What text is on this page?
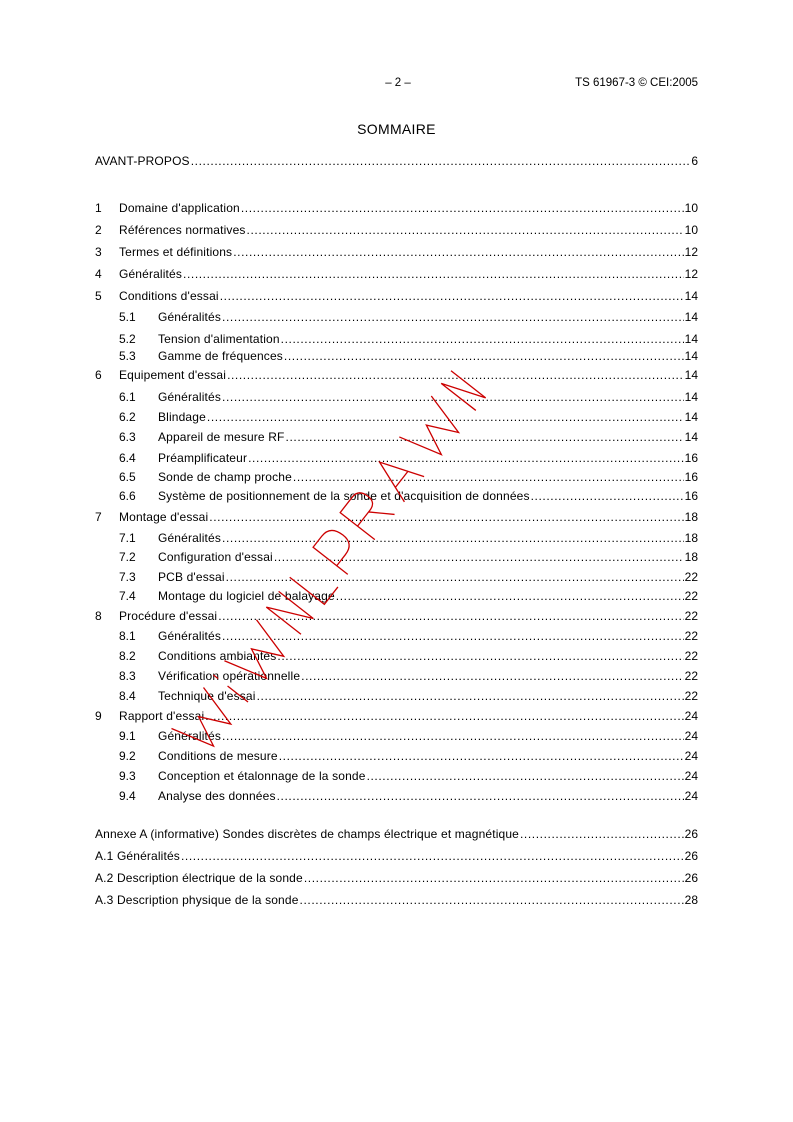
– 2 –	TS 61967-3 © CEI:2005
SOMMAIRE
AVANT-PROPOS .....	6
1	Domaine d'application .....	10
2	Références normatives .....	10
3	Termes et définitions .....	12
4	Généralités .....	12
5	Conditions d'essai .....	14
5.1	Généralités .....	14
5.2	Tension d'alimentation .....	14
5.3	Gamme de fréquences .....	14
6	Equipement d'essai .....	14
6.1	Généralités .....	14
6.2	Blindage .....	14
6.3	Appareil de mesure RF .....	14
6.4	Préamplificateur .....	16
6.5	Sonde de champ proche .....	16
6.6	Système de positionnement de la sonde et d'acquisition de données .....	16
7	Montage d'essai .....	18
7.1	Généralités .....	18
7.2	Configuration d'essai .....	18
7.3	PCB d'essai .....	22
7.4	Montage du logiciel de balayage .....	22
8	Procédure d'essai .....	22
8.1	Généralités .....	22
8.2	Conditions ambiantes .....	22
8.3	Vérification opérationnelle .....	22
8.4	Technique d'essai .....	22
9	Rapport d'essai .....	24
9.1	Généralités .....	24
9.2	Conditions de mesure .....	24
9.3	Conception et étalonnage de la sonde .....	24
9.4	Analyse des données .....	24
Annexe A (informative) Sondes discrètes de champs électrique et magnétique .....	26
A.1 Généralités .....	26
A.2 Description électrique de la sonde .....	26
A.3 Description physique de la sonde .....	28
